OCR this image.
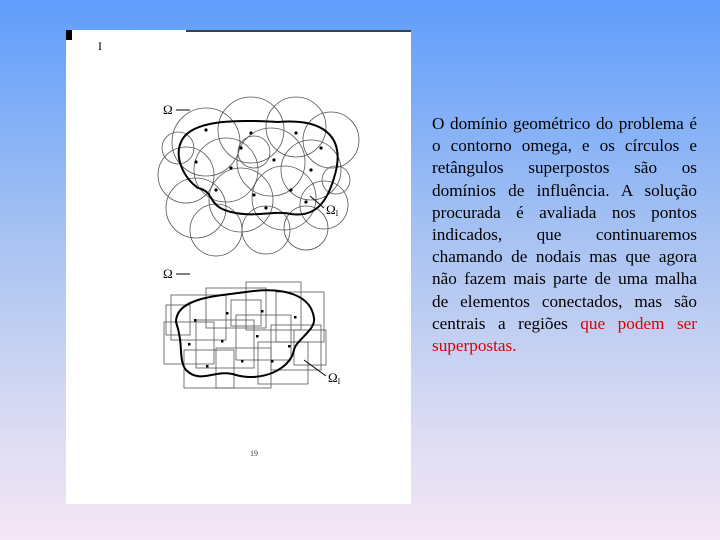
I
Ω
ΩI
Ω
ΩI
19
O domínio geométrico do problema é o contorno omega, e os círculos e retângulos superpostos são os domínios de influência. A solução procurada é avaliada nos pontos indicados, que continuaremos chamando de nodais mas que agora não fazem mais parte de uma malha de elementos conectados, mas são centrais a regiões que podem ser superpostas.
